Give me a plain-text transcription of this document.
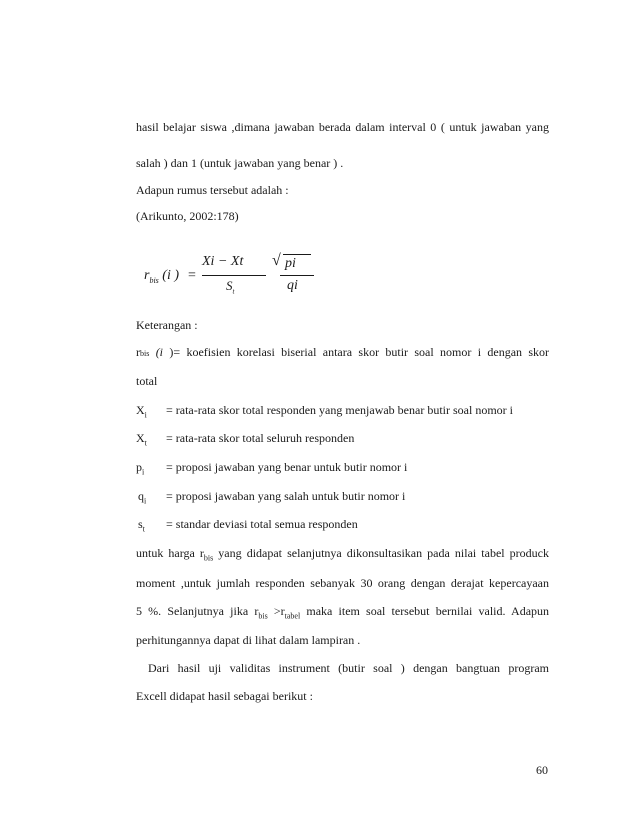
hasil belajar siswa ,dimana jawaban berada dalam interval 0 ( untuk jawaban yang
salah ) dan 1 (untuk jawaban yang benar ) .
Adapun rumus tersebut adalah :
(Arikunto, 2002:178)
$r_{bis}$ (i ) =
Xi − Xt
$S_t$
√ pi
qi
Keterangan :
rbis (i )= koefisien korelasi biserial antara skor butir soal nomor i dengan skor
total
$X_i$ = rata-rata skor total responden yang menjawab benar butir soal nomor i
$X_t$ = rata-rata skor total seluruh responden
$p_i$ = proposi jawaban yang benar untuk butir nomor i
$q_i$ = proposi jawaban yang salah untuk butir nomor i
$s_t$ = standar deviasi total semua responden
untuk harga $r_{bis}$ yang didapat selanjutnya dikonsultasikan pada nilai tabel produck
moment ,untuk jumlah responden sebanyak 30 orang dengan derajat kepercayaan
5 %. Selanjutnya jika $r_{bis} >r_{tabel}$ maka item soal tersebut bernilai valid. Adapun
perhitungannya dapat di lihat dalam lampiran .
Dari hasil uji validitas instrument (butir soal ) dengan bangtuan program
Excell didapat hasil sebagai berikut :
60
